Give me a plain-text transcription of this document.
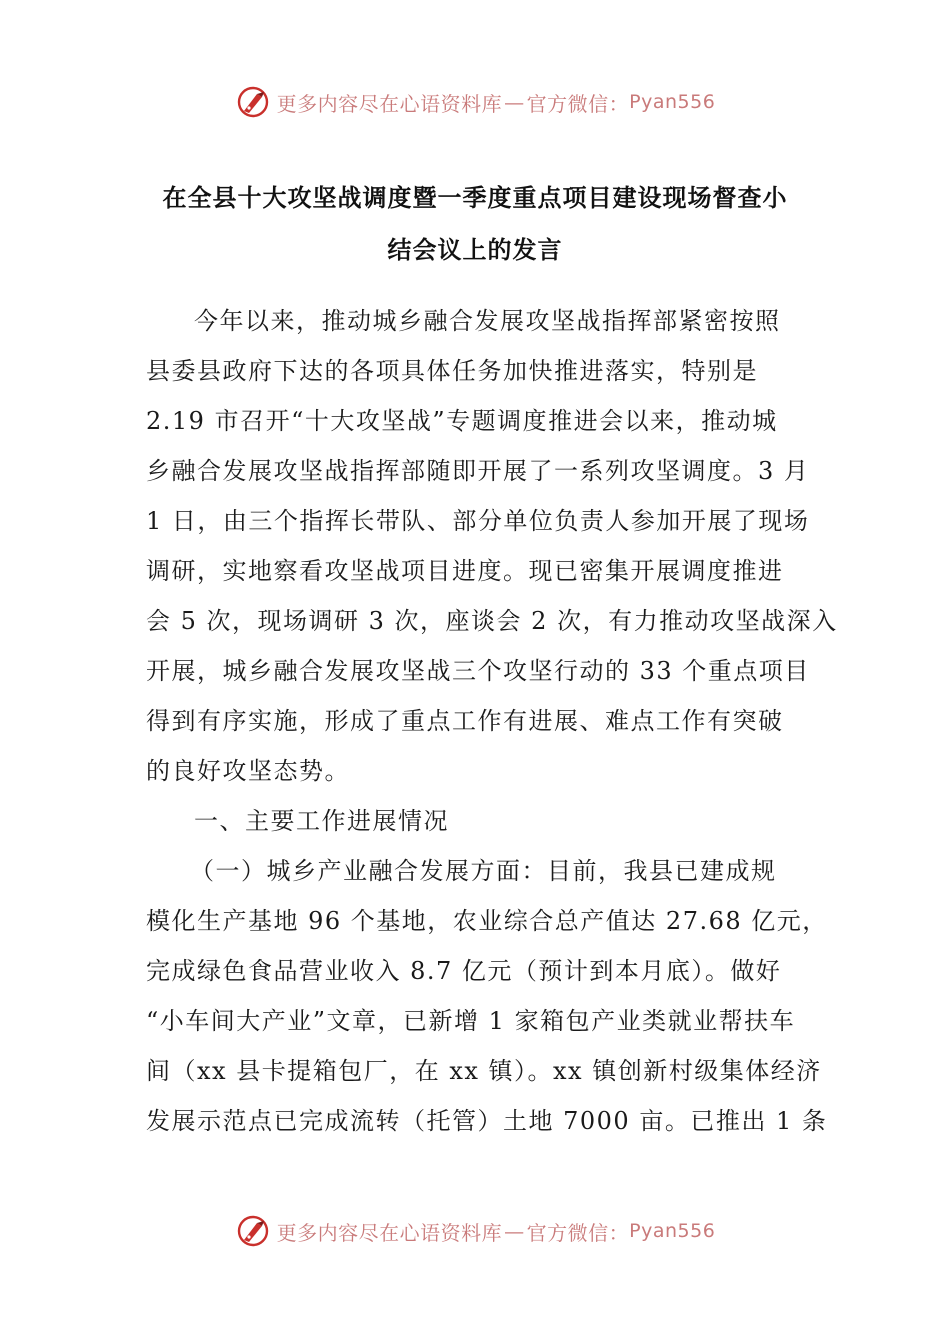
更多内容尽在心语资料库 — 官方微信： Pyan556
在全县十大攻坚战调度暨一季度重点项目建设现场督查小
结会议上的发言
今年以来，推动城乡融合发展攻坚战指挥部紧密按照
县委县政府下达的各项具体任务加快推进落实，特别是
2.19 市召开“十大攻坚战”专题调度推进会以来，推动城
乡融合发展攻坚战指挥部随即开展了一系列攻坚调度。3 月
1 日，由三个指挥长带队、部分单位负责人参加开展了现场
调研，实地察看攻坚战项目进度。现已密集开展调度推进
会 5 次，现场调研 3 次，座谈会 2 次，有力推动攻坚战深入
开展，城乡融合发展攻坚战三个攻坚行动的 33 个重点项目
得到有序实施，形成了重点工作有进展、难点工作有突破
的良好攻坚态势。
一、主要工作进展情况
（一）城乡产业融合发展方面：目前，我县已建成规
模化生产基地 96 个基地，农业综合总产值达 27.68 亿元，
完成绿色食品营业收入 8.7 亿元（预计到本月底）。做好
“小车间大产业”文章，已新增 1 家箱包产业类就业帮扶车
间（xx 县卡提箱包厂，在 xx 镇）。xx 镇创新村级集体经济
发展示范点已完成流转（托管）土地 7000 亩。已推出 1 条
更多内容尽在心语资料库 — 官方微信： Pyan556
